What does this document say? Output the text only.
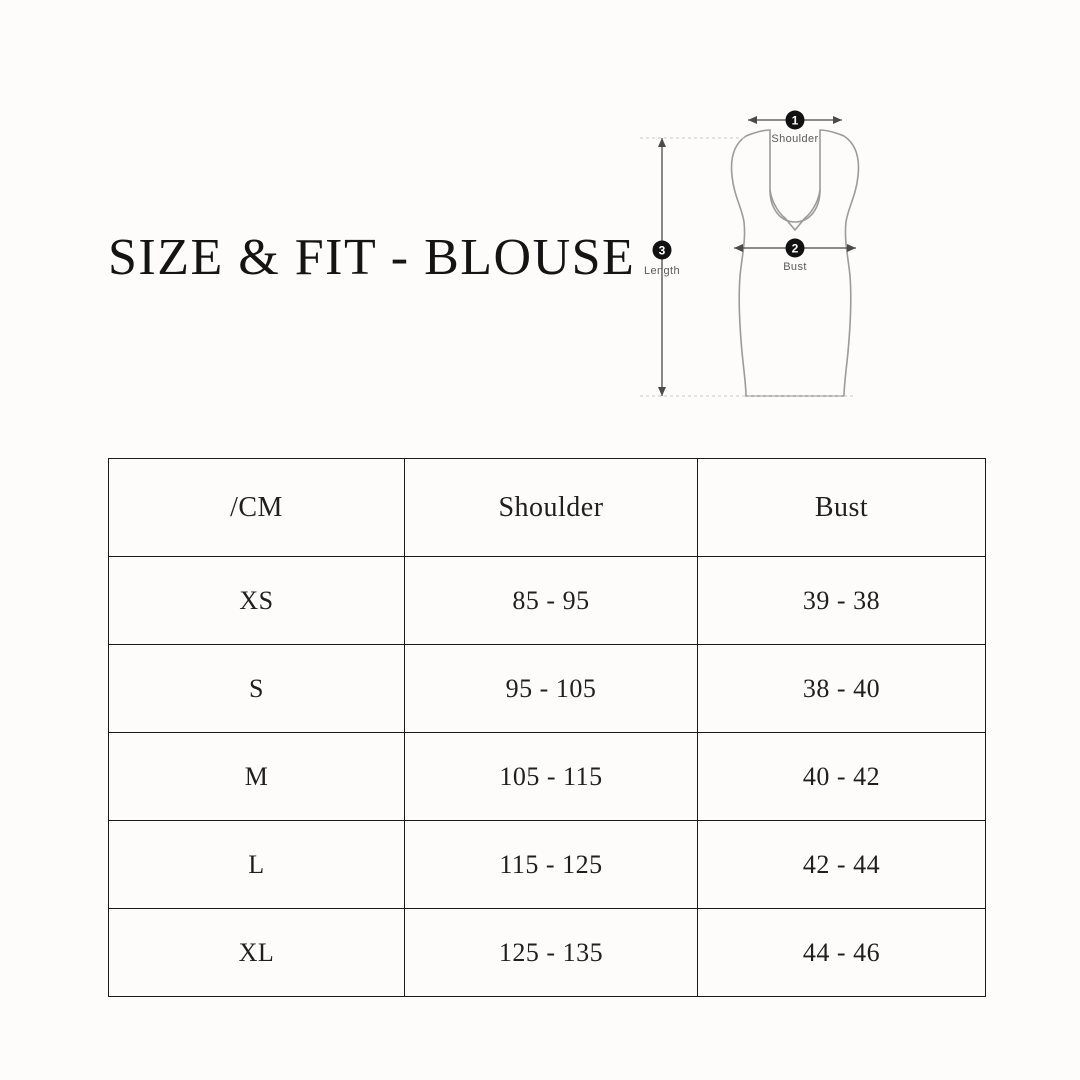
SIZE & FIT - BLOUSE
1
Shoulder
2
Bust
3
Length
/CM	Shoulder	Bust
XS	85 - 95	39 - 38
S	95 - 105	38 - 40
M	105 - 115	40 - 42
L	115 - 125	42 - 44
XL	125 - 135	44 - 46
